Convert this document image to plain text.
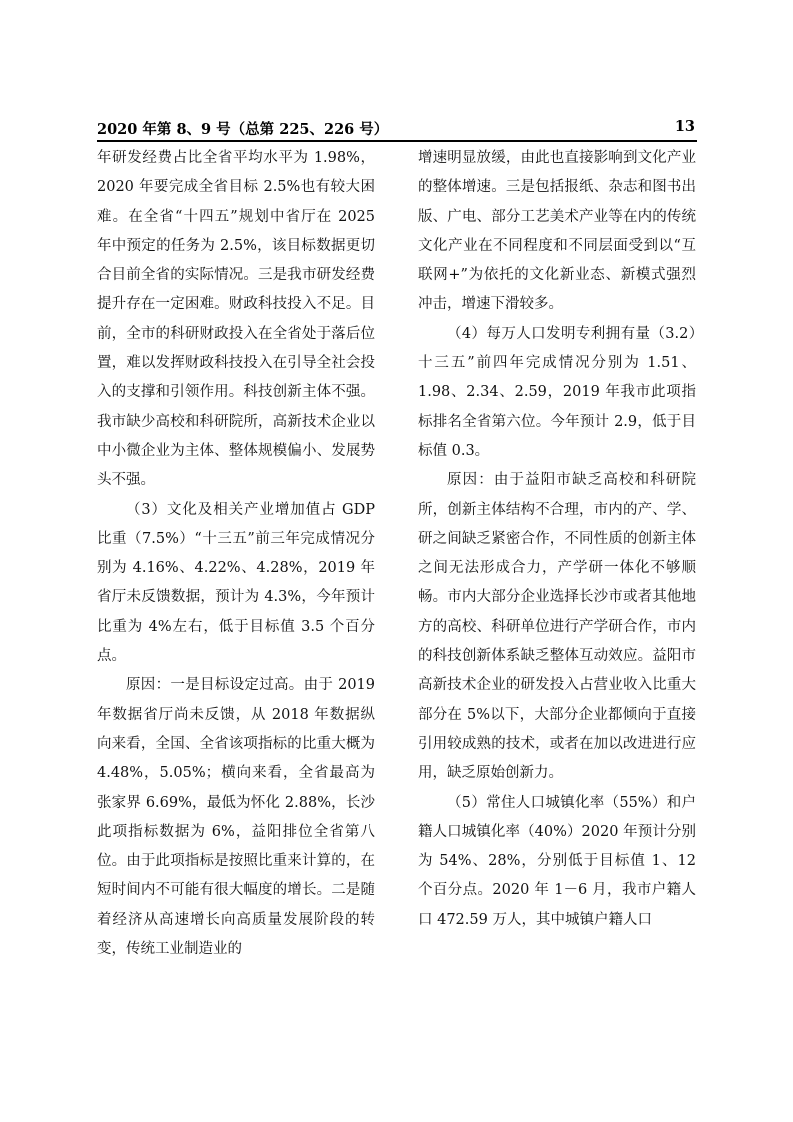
2020 年第 8、9 号（总第 225、226 号）	13

年研发经费占比全省平均水平为 1.98%，2020 年要完成全省目标 2.5%也有较大困难。在全省“十四五”规划中省厅在 2025 年中预定的任务为 2.5%，该目标数据更切合目前全省的实际情况。三是我市研发经费提升存在一定困难。财政科技投入不足。目前，全市的科研财政投入在全省处于落后位置，难以发挥财政科技投入在引导全社会投入的支撑和引领作用。科技创新主体不强。我市缺少高校和科研院所，高新技术企业以中小微企业为主体、整体规模偏小、发展势头不强。

（3）文化及相关产业增加值占 GDP 比重（7.5%）“十三五”前三年完成情况分别为 4.16%、4.22%、4.28%，2019 年省厅未反馈数据，预计为 4.3%，今年预计比重为 4%左右，低于目标值 3.5 个百分点。

原因：一是目标设定过高。由于 2019 年数据省厅尚未反馈，从 2018 年数据纵向来看，全国、全省该项指标的比重大概为 4.48%，5.05%；横向来看，全省最高为张家界 6.69%，最低为怀化 2.88%，长沙此项指标数据为 6%，益阳排位全省第八位。由于此项指标是按照比重来计算的，在短时间内不可能有很大幅度的增长。二是随着经济从高速增长向高质量发展阶段的转变，传统工业制造业的

增速明显放缓，由此也直接影响到文化产业的整体增速。三是包括报纸、杂志和图书出版、广电、部分工艺美术产业等在内的传统文化产业在不同程度和不同层面受到以“互联网+”为依托的文化新业态、新模式强烈冲击，增速下滑较多。

（4）每万人口发明专利拥有量（3.2）十三五”前四年完成情况分别为 1.51、1.98、2.34、2.59，2019 年我市此项指标排名全省第六位。今年预计 2.9，低于目标值 0.3。

原因：由于益阳市缺乏高校和科研院所，创新主体结构不合理，市内的产、学、研之间缺乏紧密合作，不同性质的创新主体之间无法形成合力，产学研一体化不够顺畅。市内大部分企业选择长沙市或者其他地方的高校、科研单位进行产学研合作，市内的科技创新体系缺乏整体互动效应。益阳市高新技术企业的研发投入占营业收入比重大部分在 5%以下，大部分企业都倾向于直接引用较成熟的技术，或者在加以改进进行应用，缺乏原始创新力。

（5）常住人口城镇化率（55%）和户籍人口城镇化率（40%）2020 年预计分别为 54%、28%，分别低于目标值 1、12 个百分点。2020 年 1－6 月，我市户籍人口 472.59 万人，其中城镇户籍人口
